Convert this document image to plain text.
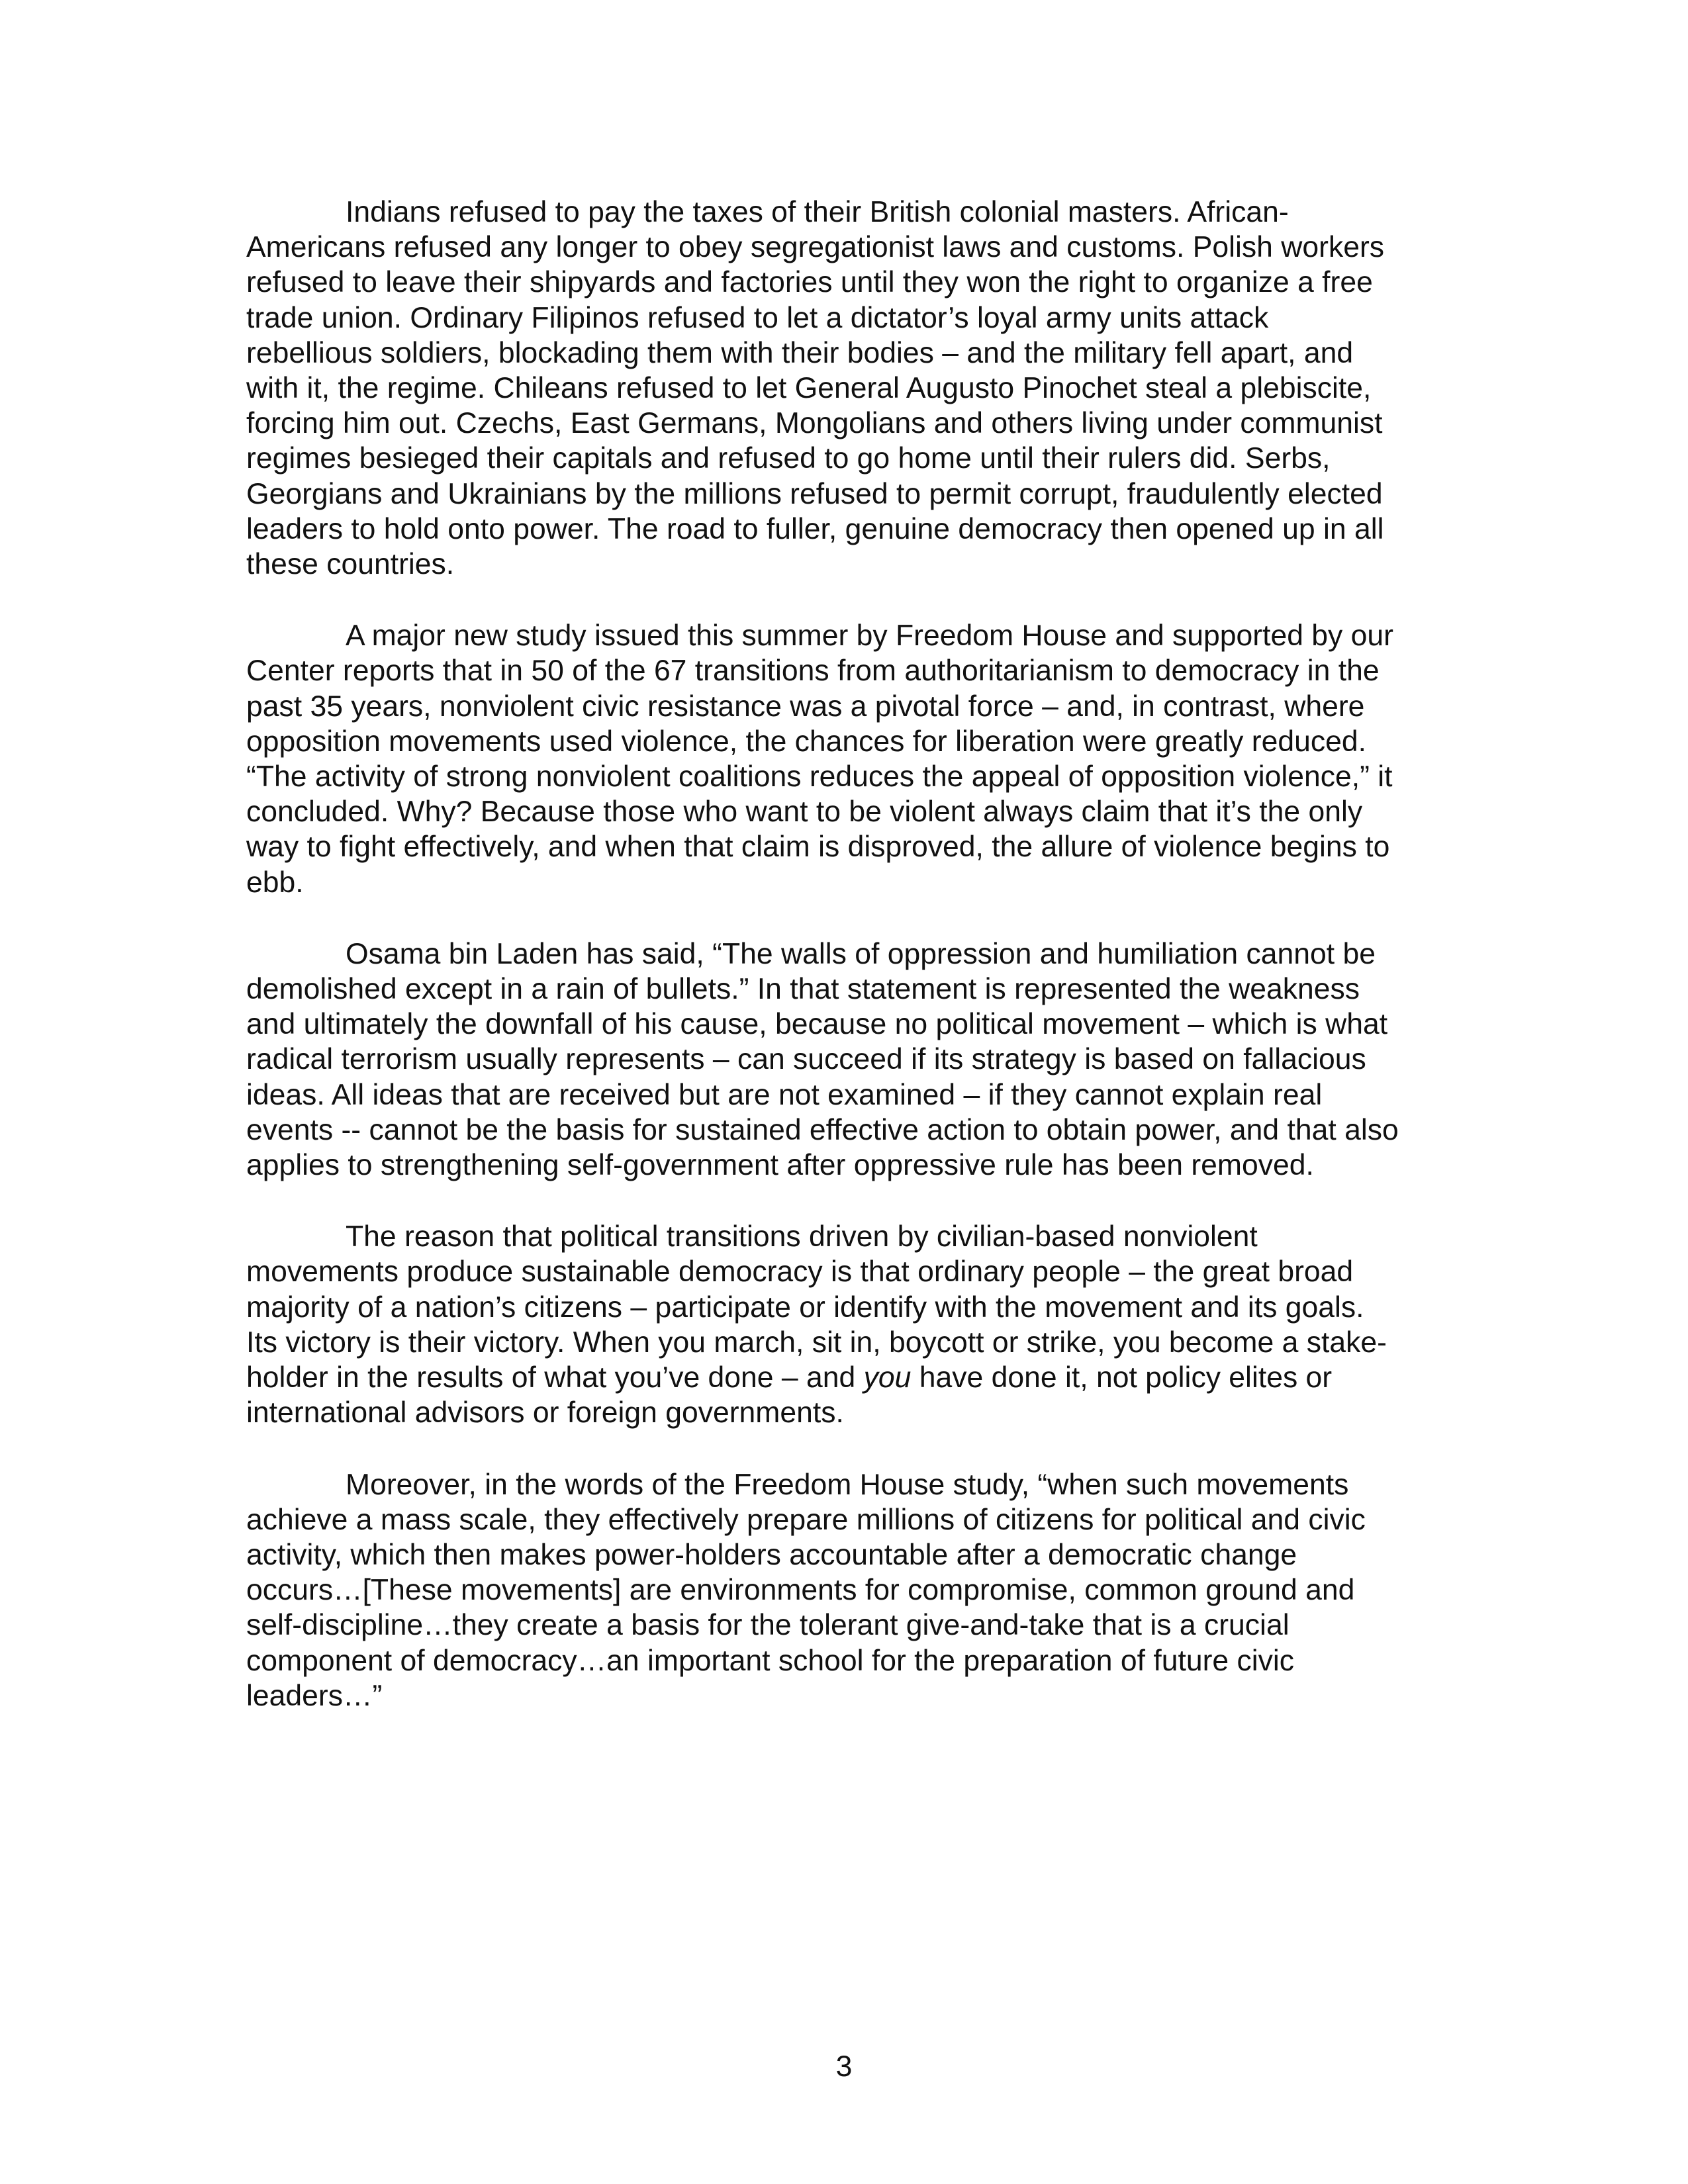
Indians refused to pay the taxes of their British colonial masters. African-
Americans refused any longer to obey segregationist laws and customs. Polish workers
refused to leave their shipyards and factories until they won the right to organize a free
trade union. Ordinary Filipinos refused to let a dictator’s loyal army units attack
rebellious soldiers, blockading them with their bodies – and the military fell apart, and
with it, the regime. Chileans refused to let General Augusto Pinochet steal a plebiscite,
forcing him out. Czechs, East Germans, Mongolians and others living under communist
regimes besieged their capitals and refused to go home until their rulers did. Serbs,
Georgians and Ukrainians by the millions refused to permit corrupt, fraudulently elected
leaders to hold onto power. The road to fuller, genuine democracy then opened up in all
these countries.

A major new study issued this summer by Freedom House and supported by our
Center reports that in 50 of the 67 transitions from authoritarianism to democracy in the
past 35 years, nonviolent civic resistance was a pivotal force – and, in contrast, where
opposition movements used violence, the chances for liberation were greatly reduced.
“The activity of strong nonviolent coalitions reduces the appeal of opposition violence,” it
concluded. Why? Because those who want to be violent always claim that it’s the only
way to fight effectively, and when that claim is disproved, the allure of violence begins to
ebb.

Osama bin Laden has said, “The walls of oppression and humiliation cannot be
demolished except in a rain of bullets.” In that statement is represented the weakness
and ultimately the downfall of his cause, because no political movement – which is what
radical terrorism usually represents – can succeed if its strategy is based on fallacious
ideas. All ideas that are received but are not examined – if they cannot explain real
events -- cannot be the basis for sustained effective action to obtain power, and that also
applies to strengthening self-government after oppressive rule has been removed.

The reason that political transitions driven by civilian-based nonviolent
movements produce sustainable democracy is that ordinary people – the great broad
majority of a nation’s citizens – participate or identify with the movement and its goals.
Its victory is their victory. When you march, sit in, boycott or strike, you become a stake-
holder in the results of what you’ve done – and you have done it, not policy elites or
international advisors or foreign governments.

Moreover, in the words of the Freedom House study, “when such movements
achieve a mass scale, they effectively prepare millions of citizens for political and civic
activity, which then makes power-holders accountable after a democratic change
occurs…[These movements] are environments for compromise, common ground and
self-discipline…they create a basis for the tolerant give-and-take that is a crucial
component of democracy…an important school for the preparation of future civic
leaders…”

3
